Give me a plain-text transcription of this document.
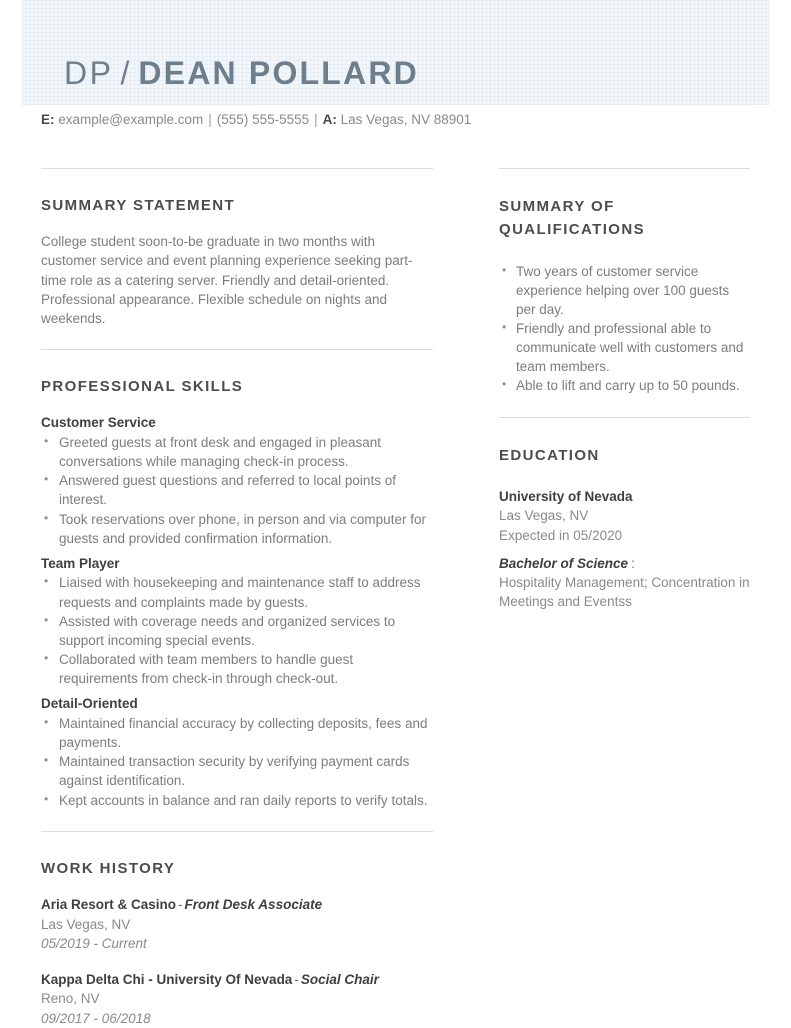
DP / DEAN POLLARD
E: example@example.com | (555) 555-5555 | A: Las Vegas, NV 88901
SUMMARY STATEMENT

College student soon-to-be graduate in two months with customer service and event planning experience seeking part-time role as a catering server. Friendly and detail-oriented. Professional appearance. Flexible schedule on nights and weekends.

PROFESSIONAL SKILLS
Customer Service
• Greeted guests at front desk and engaged in pleasant conversations while managing check-in process.
• Answered guest questions and referred to local points of interest.
• Took reservations over phone, in person and via computer for guests and provided confirmation information.
Team Player
• Liaised with housekeeping and maintenance staff to address requests and complaints made by guests.
• Assisted with coverage needs and organized services to support incoming special events.
• Collaborated with team members to handle guest requirements from check-in through check-out.
Detail-Oriented
• Maintained financial accuracy by collecting deposits, fees and payments.
• Maintained transaction security by verifying payment cards against identification.
• Kept accounts in balance and ran daily reports to verify totals.
WORK HISTORY
Aria Resort & Casino - Front Desk Associate
Las Vegas, NV
05/2019 - Current
Kappa Delta Chi - University Of Nevada - Social Chair
Reno, NV
09/2017 - 06/2018
SUMMARY OF QUALIFICATIONS
• Two years of customer service experience helping over 100 guests per day.
• Friendly and professional able to communicate well with customers and team members.
• Able to lift and carry up to 50 pounds.
EDUCATION
University of Nevada
Las Vegas, NV
Expected in 05/2020
Bachelor of Science :
Hospitality Management; Concentration in Meetings and Eventss
